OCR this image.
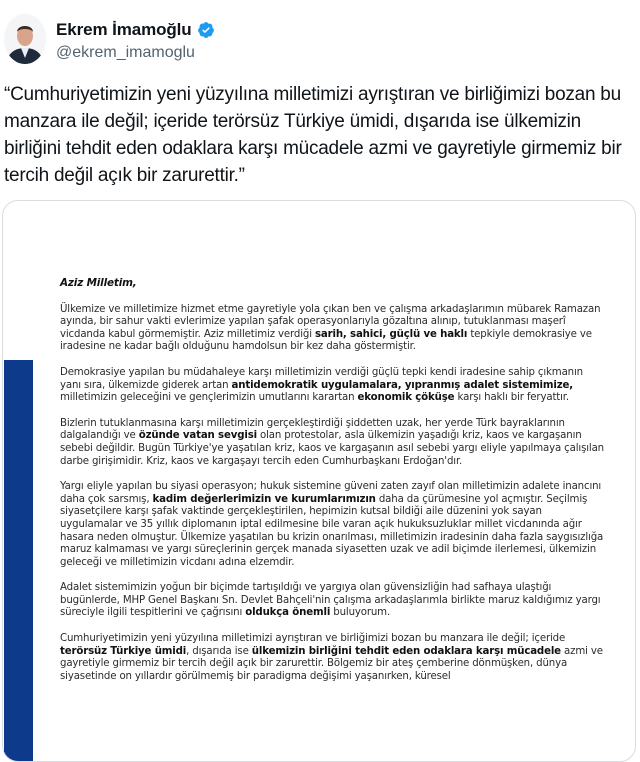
Ekrem İmamoğlu
@ekrem_imamoglu
“Cumhuriyetimizin yeni yüzyılına milletimizi ayrıştıran ve birliğimizi bozan bu manzara ile değil; içeride terörsüz Türkiye ümidi, dışarıda ise ülkemizin birliğini tehdit eden odaklara karşı mücadele azmi ve gayretiyle girmemiz bir tercih değil açık bir zarurettir.”
Aziz Milletim,

Ülkemize ve milletimize hizmet etme gayretiyle yola çıkan ben ve çalışma arkadaşlarımın mübarek Ramazan ayında, bir sahur vakti evlerimize yapılan şafak operasyonlarıyla gözaltına alınıp, tutuklanması maşerî vicdanda kabul görmemiştir. Aziz milletimiz verdiği sarih, sahici, güçlü ve haklı tepkiyle demokrasiye ve iradesine ne kadar bağlı olduğunu hamdolsun bir kez daha göstermiştir.

Demokrasiye yapılan bu müdahaleye karşı milletimizin verdiği güçlü tepki kendi iradesine sahip çıkmanın yanı sıra, ülkemizde giderek artan antidemokratik uygulamalara, yıpranmış adalet sistemimize, milletimizin geleceğini ve gençlerimizin umutlarını karartan ekonomik çöküşe karşı haklı bir feryattır.

Bizlerin tutuklanmasına karşı milletimizin gerçekleştirdiği şiddetten uzak, her yerde Türk bayraklarının dalgalandığı ve özünde vatan sevgisi olan protestolar, asla ülkemizin yaşadığı kriz, kaos ve kargaşanın sebebi değildir. Bugün Türkiye'ye yaşatılan kriz, kaos ve kargaşanın asıl sebebi yargı eliyle yapılmaya çalışılan darbe girişimidir. Kriz, kaos ve kargaşayı tercih eden Cumhurbaşkanı Erdoğan'dır.

Yargı eliyle yapılan bu siyasi operasyon; hukuk sistemine güveni zaten zayıf olan milletimizin adalete inancını daha çok sarsmış, kadim değerlerimizin ve kurumlarımızın daha da çürümesine yol açmıştır. Seçilmiş siyasetçilere karşı şafak vaktinde gerçekleştirilen, hepimizin kutsal bildiği aile düzenini yok sayan uygulamalar ve 35 yıllık diplomanın iptal edilmesine bile varan açık hukuksuzluklar millet vicdanında ağır hasara neden olmuştur. Ülkemize yaşatılan bu krizin onarılması, milletimizin iradesinin daha fazla saygısızlığa maruz kalmaması ve yargı süreçlerinin gerçek manada siyasetten uzak ve adil biçimde ilerlemesi, ülkemizin geleceği ve milletimizin vicdanı adına elzemdir.

Adalet sistemimizin yoğun bir biçimde tartışıldığı ve yargıya olan güvensizliğin had safhaya ulaştığı bugünlerde, MHP Genel Başkanı Sn. Devlet Bahçeli'nin çalışma arkadaşlarımla birlikte maruz kaldığımız yargı süreciyle ilgili tespitlerini ve çağrısını oldukça önemli buluyorum.

Cumhuriyetimizin yeni yüzyılına milletimizi ayrıştıran ve birliğimizi bozan bu manzara ile değil; içeride terörsüz Türkiye ümidi, dışarıda ise ülkemizin birliğini tehdit eden odaklara karşı mücadele azmi ve gayretiyle girmemiz bir tercih değil açık bir zarurettir. Bölgemiz bir ateş çemberine dönmüşken, dünya siyasetinde on yıllardır görülmemiş bir paradigma değişimi yaşanırken, küresel
